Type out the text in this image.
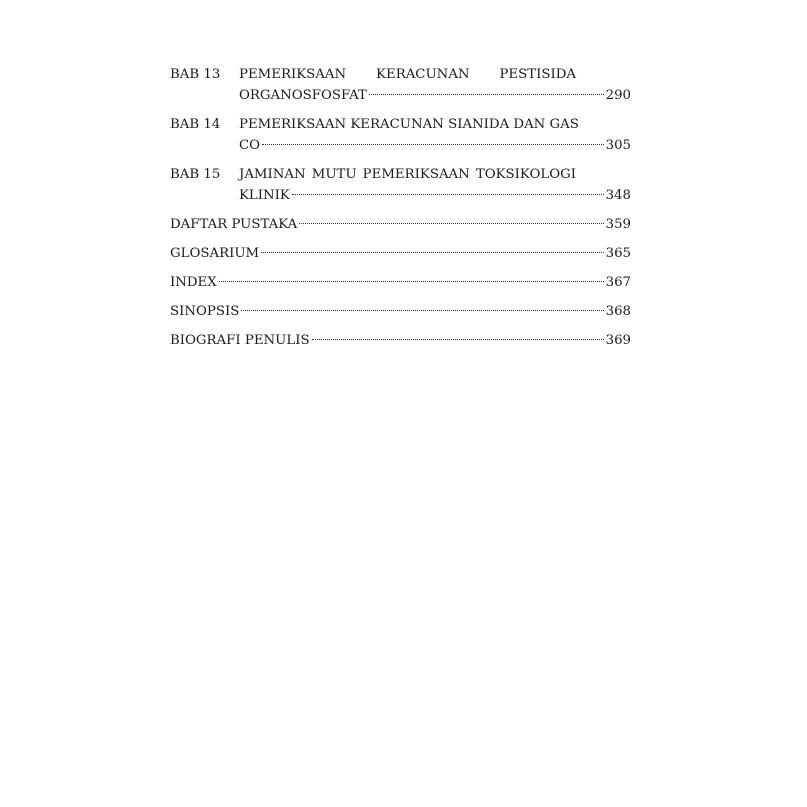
BAB 13	PEMERIKSAAN KERACUNAN PESTISIDA
ORGANOSFOSFAT	290
BAB 14	PEMERIKSAAN KERACUNAN SIANIDA DAN GAS
CO	305
BAB 15	JAMINAN MUTU PEMERIKSAAN TOKSIKOLOGI
KLINIK	348
DAFTAR PUSTAKA	359
GLOSARIUM	365
INDEX	367
SINOPSIS	368
BIOGRAFI PENULIS	369
